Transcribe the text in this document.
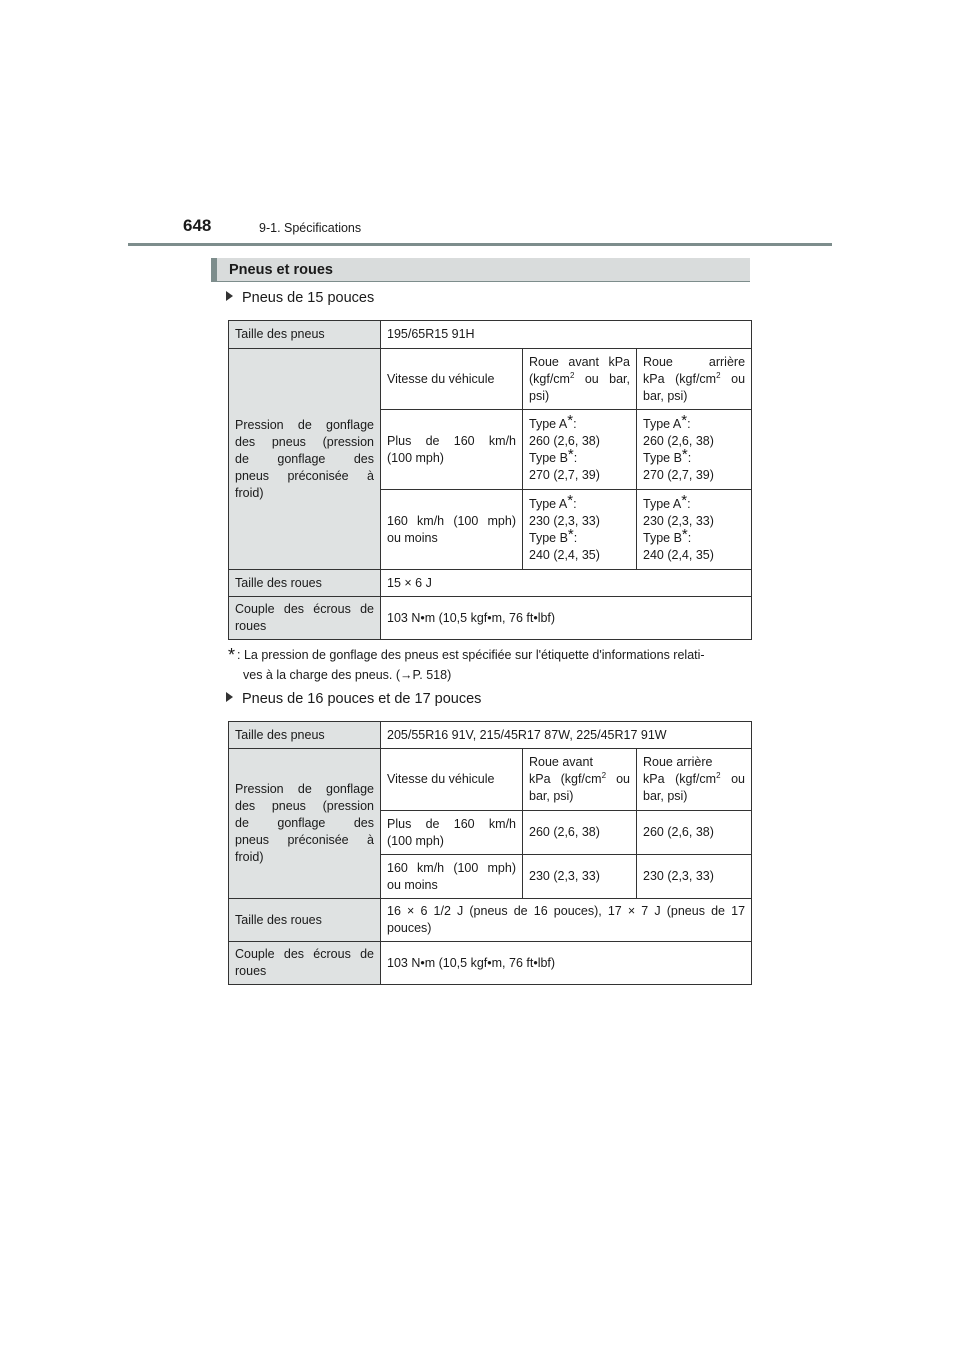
648	9-1. Spécifications
Pneus et roues
Pneus de 15 pouces
Taille des pneus	195/65R15 91H		

Pression de gonflage
des pneus (pression
de gonflage des
pneus préconisée à
froid)	Vitesse du véhicule	Roue avant kPa
($kgf/cm^2$ ou bar,
psi)	Roue arrière
kPa ($kgf/cm^2$ ou
bar, psi)

	Plus de 160 km/h
(100 mph)	Type A*:
260 (2,6, 38)
Type B*:
270 (2,7, 39)	Type A*:
260 (2,6, 38)
Type B*:
270 (2,7, 39)

	160 km/h (100 mph)
ou moins	Type A*:
230 (2,3, 33)
Type B*:
240 (2,4, 35)	Type A*:
230 (2,3, 33)
Type B*:
240 (2,4, 35)

Taille des roues	15 × 6 J		

Couple des écrous de
roues	103 N•m (10,5 kgf•m, 76 ft•lbf)		
* : La pression de gonflage des pneus est spécifiée sur l'étiquette d'informations relati-
ves à la charge des pneus. (→P. 518)
Pneus de 16 pouces et de 17 pouces
Taille des pneus	205/55R16 91V, 215/45R17 87W, 225/45R17 91W		

Pression de gonflage
des pneus (pression
de gonflage des
pneus préconisée à
froid)	Vitesse du véhicule	Roue avant
kPa ($kgf/cm^2$ ou
bar, psi)	Roue arrière
kPa ($kgf/cm^2$ ou
bar, psi)

	Plus de 160 km/h
(100 mph)	260 (2,6, 38)	260 (2,6, 38)

	160 km/h (100 mph)
ou moins	230 (2,3, 33)	230 (2,3, 33)
Taille des roues	16 × 6 1/2 J (pneus de 16 pouces), 17 × 7 J (pneus de 17
pouces)		

Couple des écrous de
roues	103 N•m (10,5 kgf•m, 76 ft•lbf)		
